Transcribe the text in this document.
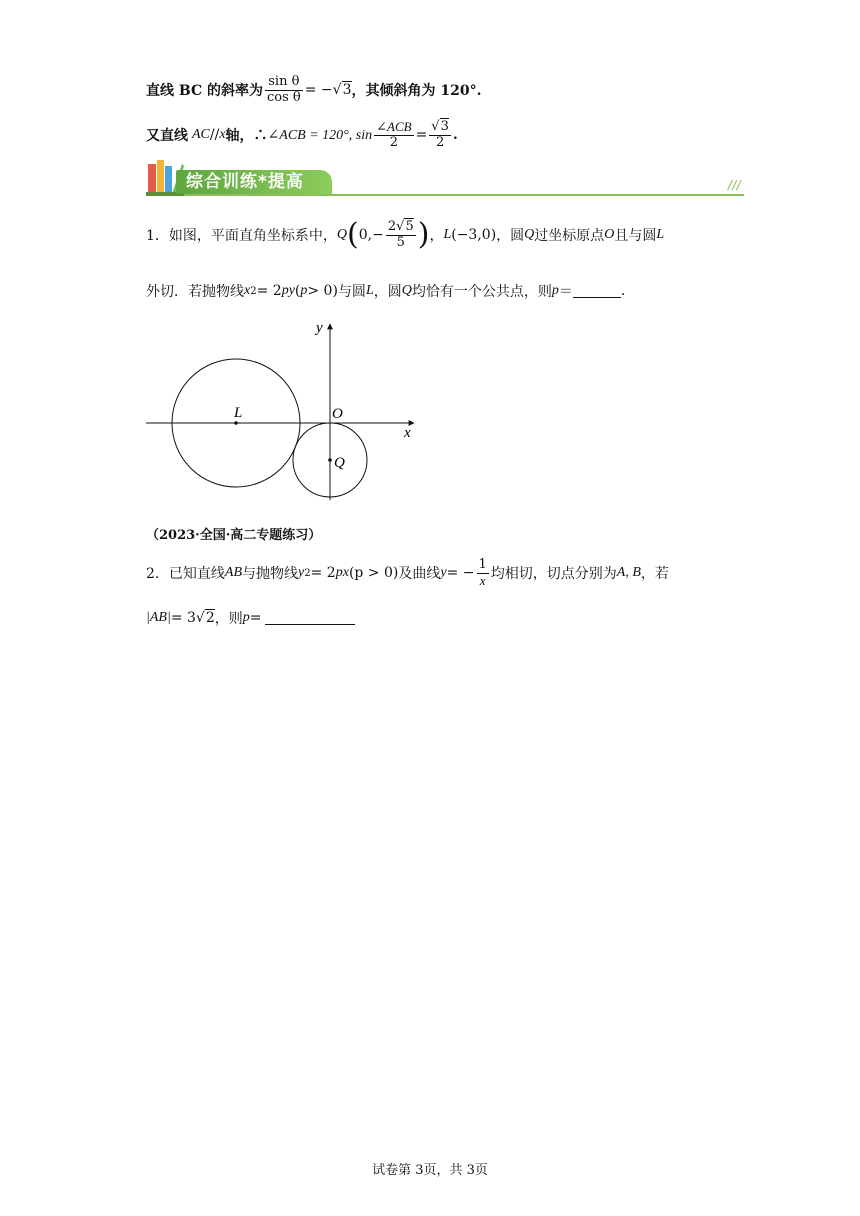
直线 BC 的斜率为 $\frac{\text{sin θ}}{\text{cos θ}}$ = − √3 ，其倾斜角为 120°.
又直线 AC // x 轴，∴ ∠ACB = 120°, $\sin \frac{\text{∠ACB}}{2} = \frac{√3}{2}$ .
综合训练*提高	///
1． 如图，平面直角坐标系中， Q ( $0,- \frac{2√5}{5}$ ) ， L (−3,0) ，圆 Q 过坐标原点 O 且与圆 L
外切．若抛物线 x 2 = 2 py ( p > 0) 与圆 L ，圆 Q 均恰有一个公共点，则 p ＝	.
y
x
O
L
Q
（2023·全国·高二专题练习）
2． 已知直线 AB 与抛物线 y 2 = 2 px (p > 0) 及曲线 y = − $\frac{1}{x}$ 均相切，切点分别为 A, B ，若
|AB| = 3 √2 ，则 p =
试卷第 3页，共 3页
